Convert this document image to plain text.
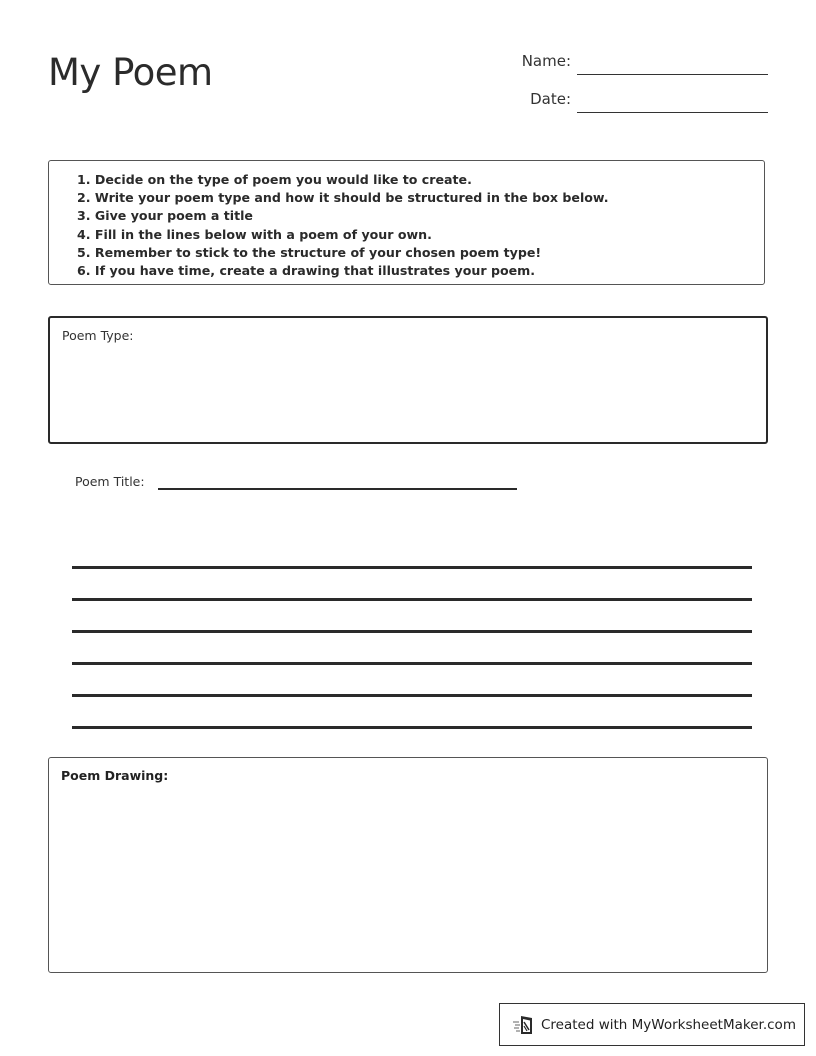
My Poem	Name:
Date:
1. Decide on the type of poem you would like to create.
2. Write your poem type and how it should be structured in the box below.
3. Give your poem a title
4. Fill in the lines below with a poem of your own.
5. Remember to stick to the structure of your chosen poem type!
6. If you have time, create a drawing that illustrates your poem.
Poem Type:
Poem Title:
Poem Drawing:
Created with MyWorksheetMaker.com
